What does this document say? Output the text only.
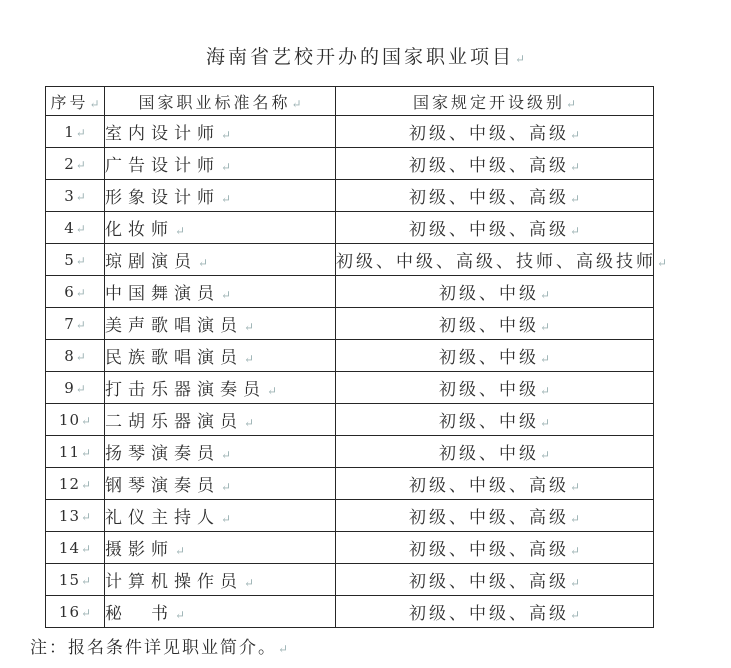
海南省艺校开办的国家职业项目↵
序号↵	国家职业标准名称↵	国家规定开设级别↵
1↵	室内设计师↵	初级、中级、高级↵
2↵	广告设计师↵	初级、中级、高级↵
3↵	形象设计师↵	初级、中级、高级↵
4↵	化妆师↵	初级、中级、高级↵
5↵	琼剧演员↵	初级、中级、高级、技师、高级技师↵
6↵	中国舞演员↵	初级、中级↵
7↵	美声歌唱演员↵	初级、中级↵
8↵	民族歌唱演员↵	初级、中级↵
9↵	打击乐器演奏员↵	初级、中级↵
10↵	二胡乐器演员↵	初级、中级↵
11↵	扬琴演奏员↵	初级、中级↵
12↵	钢琴演奏员↵	初级、中级、高级↵
13↵	礼仪主持人↵	初级、中级、高级↵
14↵	摄影师↵	初级、中级、高级↵
15↵	计算机操作员↵	初级、中级、高级↵
16↵	秘　书↵	初级、中级、高级↵
注：报名条件详见职业简介。↵
